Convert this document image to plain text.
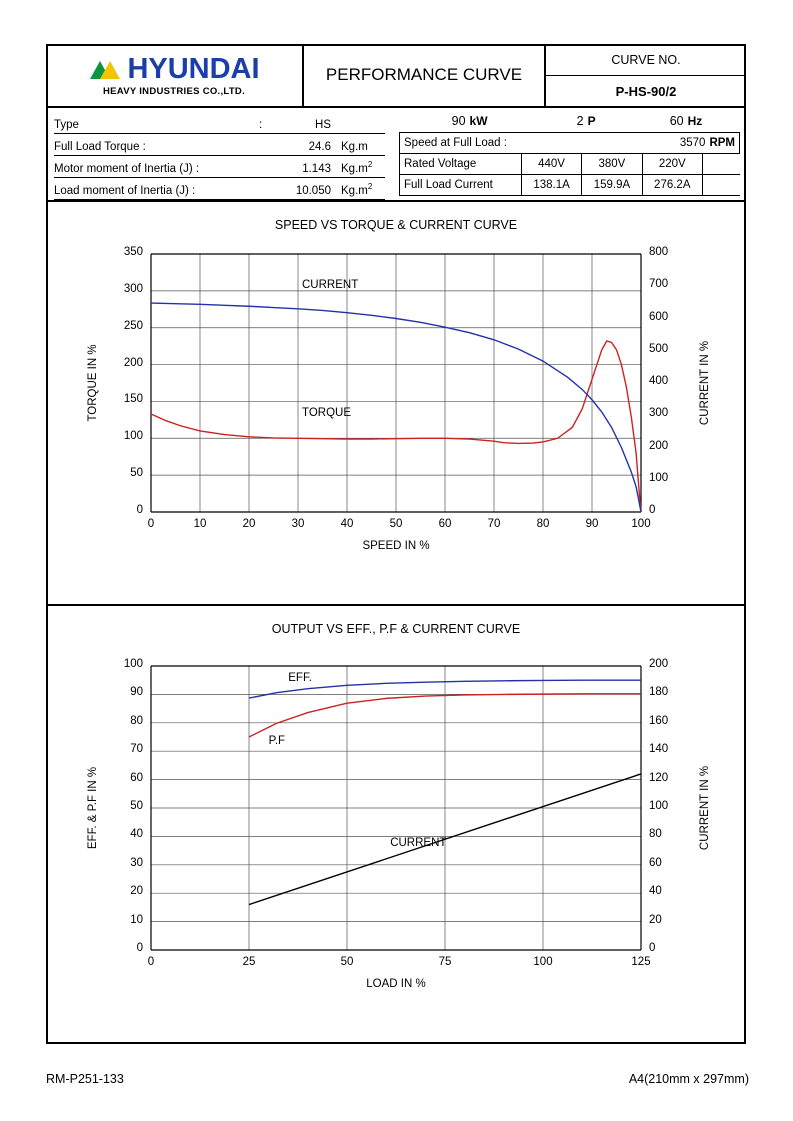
HYUNDAI
HEAVY INDUSTRIES CO.,LTD.
PERFORMANCE CURVE
CURVE NO.
P-HS-90/2
Type	:	HS
Full Load Torque :	24.6 Kg.m
Motor moment of Inertia (J) :	1.143 $Kg.m^2$
Load moment of Inertia (J) :	10.050 $Kg.m^2$
90 kW	2 P	60 Hz
Speed at Full Load :	3570 RPM
Rated Voltage	440V	380V	220V	
Full Load Current	138.1A	159.9A	276.2A	
SPEED VS TORQUE & CURRENT CURVE
0	10	20	30	40	50	60	70	80	90	100
0
50
100
150
200
250
300
350
0
100
200
300
400
500
600
700
800
SPEED IN %
TORQUE IN %	CURRENT IN %
TORQUE
CURRENT
OUTPUT VS EFF., P.F & CURRENT CURVE
0	25	50	75	100	125
0
10
20
30
40
50
60
70
80
90
100
0
20
40
60
80
100
120
140
160
180
200
LOAD IN %
EFF. & P.F IN %	CURRENT IN %
EFF.
P.F
CURRENT
RM-P251-133	A4(210mm x 297mm)
